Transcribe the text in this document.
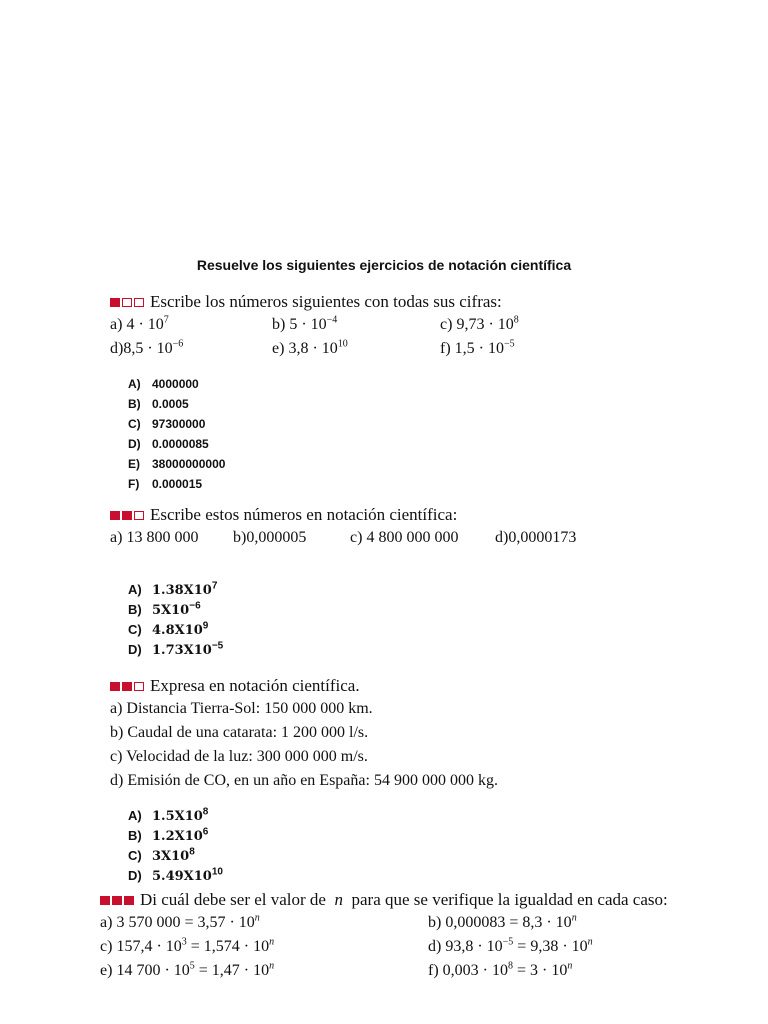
Resuelve los siguientes ejercicios de notación científica
Escribe los números siguientes con todas sus cifras:
a) $4 \cdot 10^7$	b) $5 \cdot 10^{-4}$	c) $9,73 \cdot 10^8$
$d)8,5 \cdot 10^{-6}$	e) $3,8 \cdot 10^{10}$	f) $1,5 \cdot 10^{-5}$
A) 4000000
B) 0.0005
C) 97300000
D) 0.0000085
E) 38000000000
F) 0.000015
Escribe estos números en notación científica:
a) 13 800 000 b)0,000005	c) 4 800 000 000 d)0,0000173
A) $1.38X10^7$
B) $5X10^{-6}$
C) $4.8X10^9$
D) $1.73X10^{-5}$
Expresa en notación científica.
a) Distancia Tierra-Sol: 150 000 000 km.
b) Caudal de una catarata: 1 200 000 l/s.
c) Velocidad de la luz: 300 000 000 m/s.
d) Emisión de CO, en un año en España: 54 900 000 000 kg.
A) $1.5X10^8$
B) $1.2X10^6$
C) $3X10^8$
D) $5.49X10^{10}$
Di cuál debe ser el valor de
n
para que se verifique la igualdad en cada caso:
a) 3 570 $000 = 3,57 \cdot 10^n$	b) $0,000083 = 8,3 \cdot 10^n$
c) $157,4 \cdot 10^3 = 1,574 \cdot 10^n$	d) $93,8 \cdot 10^{-5} = 9,38 \cdot 10^n$
e) 14 $700 \cdot 10^5 = 1,47 \cdot 10^n$	f) $0,003 \cdot 10^8 = 3 \cdot 10^n$
